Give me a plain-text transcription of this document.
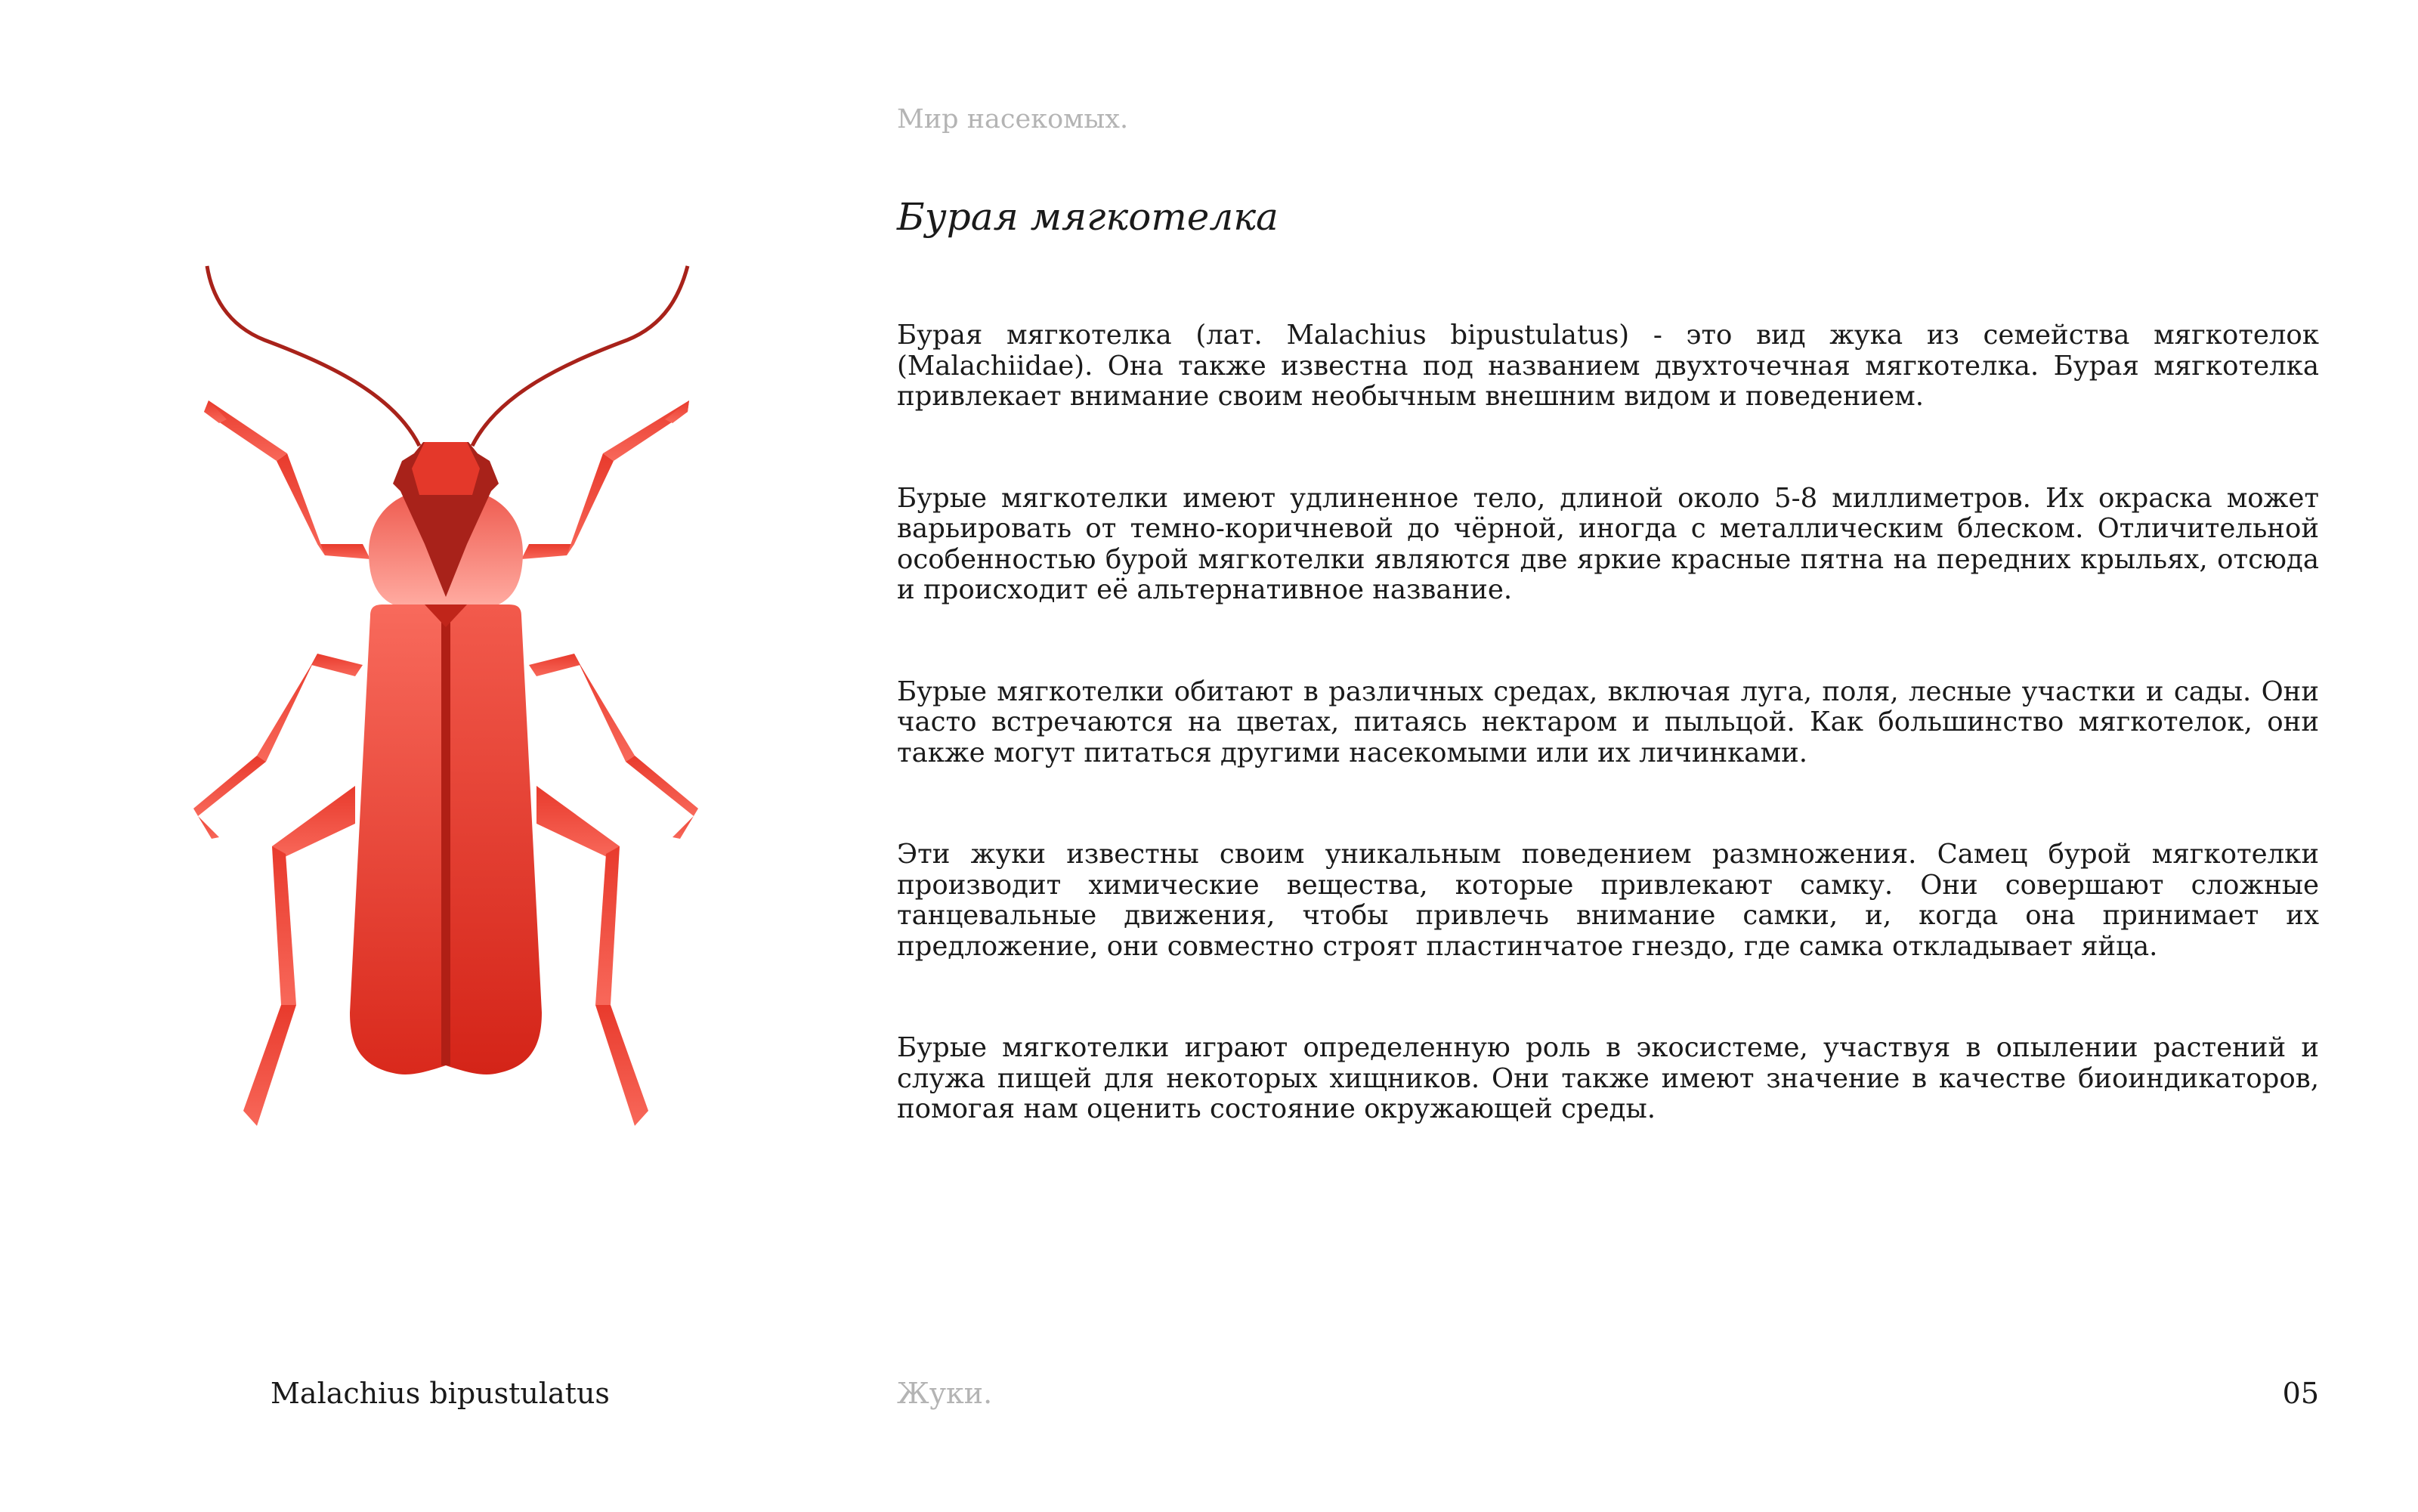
Мир насекомых.
Бурая мягкотелка

Бурая мягкотелка (лат. Malachius bipustulatus) - это вид жука из семейства мягкотелок (Malachiidae). Она также известна под названием двухточечная мягкотелка. Бурая мягкотелка привлекает внимание своим необычным внешним видом и поведением.

Бурые мягкотелки имеют удлиненное тело, длиной около 5-8 миллиметров. Их окраска может варьировать от темно-коричневой до чёрной, иногда с металлическим блеском. Отличительной особенностью бурой мягкотелки являются две яркие красные пятна на передних крыльях, отсюда и происходит её альтернативное название.

Бурые мягкотелки обитают в различных средах, включая луга, поля, лесные участки и сады. Они часто встречаются на цветах, питаясь нектаром и пыльцой. Как большинство мягкотелок, они также могут питаться другими насекомыми или их личинками.

Эти жуки известны своим уникальным поведением размножения. Самец бурой мягкотелки производит химические вещества, которые привлекают самку. Они совершают сложные танцевальные движения, чтобы привлечь внимание самки, и, когда она принимает их предложение, они совместно строят пластинчатое гнездо, где самка откладывает яйца.

Бурые мягкотелки играют определенную роль в экосистеме, участвуя в опылении растений и служа пищей для некоторых хищников. Они также имеют значение в качестве биоиндикаторов, помогая нам оценить состояние окружающей среды.

Malachius bipustulatus	Жуки.	05
